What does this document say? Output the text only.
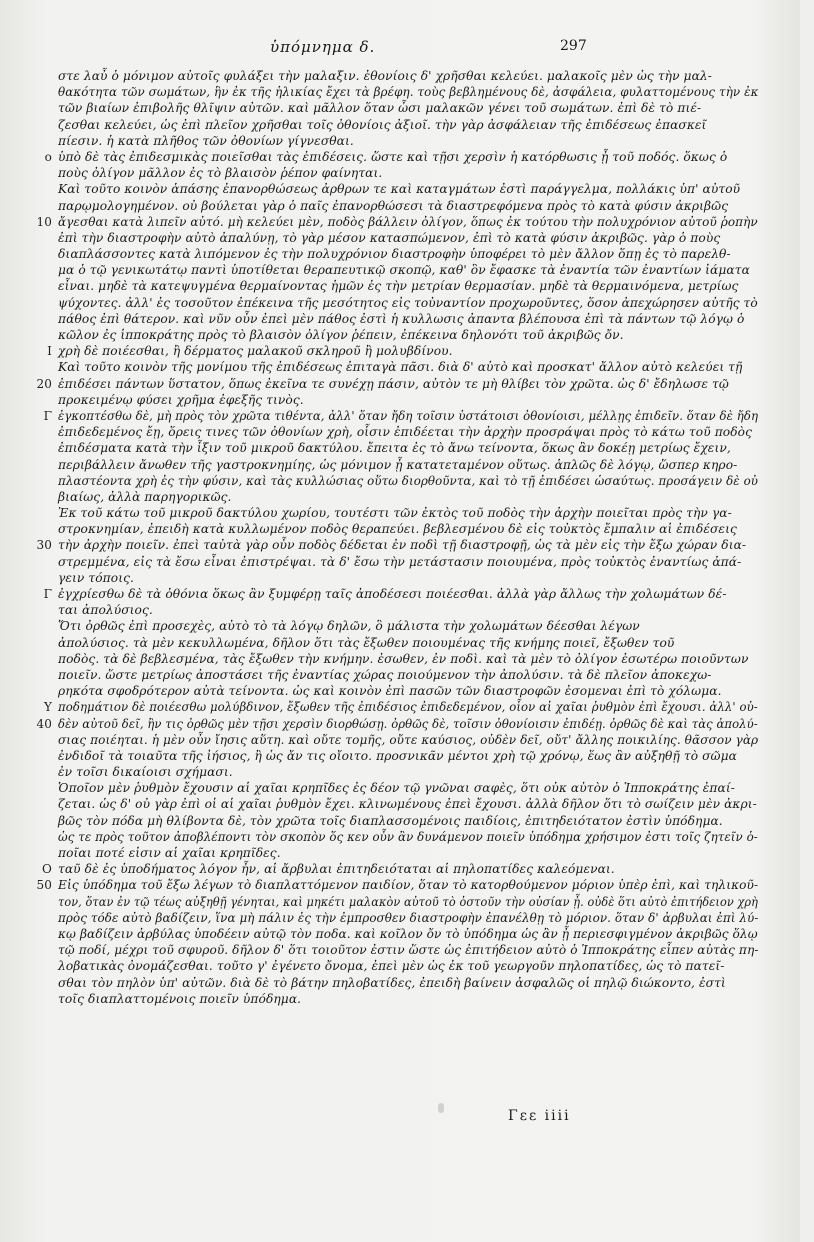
ὑπόμνημα δ.	297
στε λαὖ ὁ μόνιμον αὐτοῖς φυλάξει τὴν μαλαξιν. ἐθονίοις δ' χρῆσθαι κελεύει. μαλακοῖς μὲν ὡς τὴν μαλ-
θακότητα τῶν σωμάτων, ἣν ἐκ τῆς ἡλικίας ἔχει τὰ βρέφη. τοὺς βεβλημένους δὲ, ἀσφάλεια, φυλαττομένους τὴν ἐκ
τῶν βιαίων ἐπιβολῆς θλῖψιν αὐτῶν. καὶ μᾶλλον ὅταν ὦσι μαλακῶν γένει τοῦ σωμάτων. ἐπὶ δὲ τὸ πιέ-
ζεσθαι κελεύει, ὡς ἐπὶ πλεῖον χρῆσθαι τοῖς ὀθονίοις ἀξιοῖ. τὴν γὰρ ἀσφάλειαν τῆς ἐπιδέσεως ἐπασκεῖ
πίεσιν. ἡ κατὰ πλῆθος τῶν ὀθονίων γίγνεσθαι.
ο ὑπὸ δὲ τὰς ἐπιδεσμικὰς ποιεῖσθαι τὰς ἐπιδέσεις. ὥστε καὶ τῇσι χερσὶν ἡ κατόρθωσις ᾖ τοῦ ποδός. ὅκως ὁ
ποὺς ὀλίγον μᾶλλον ἐς τὸ βλαισὸν ῥέπον φαίνηται.
Καὶ τοῦτο κοινὸν ἁπάσης ἐπανορθώσεως ἀρθρων τε καὶ καταγμάτων ἐστὶ παράγγελμα, πολλάκις ὑπ' αὐτοῦ
παρῳμολογημένον. οὐ βούλεται γὰρ ὁ παῖς ἐπανορθώσεσι τὰ διαστρεφόμενα πρὸς τὸ κατὰ φύσιν ἀκριβῶς
10 ἄγεσθαι κατὰ λιπεῖν αὐτό. μὴ κελεύει μὲν, ποδὸς βάλλειν ὀλίγον, ὅπως ἐκ τούτου τὴν πολυχρόνιον αὐτοῦ ῥοπὴν
ἐπὶ τὴν διαστροφὴν αὐτὸ ἀπαλύνῃ, τὸ γὰρ μέσον κατασπώμενον, ἐπὶ τὸ κατὰ φύσιν ἀκριβῶς. γὰρ ὁ ποὺς
διαπλάσσοντες κατὰ λιπόμενον ἐς τὴν πολυχρόνιον διαστροφὴν ὑποφέρει τὸ μὲν ἄλλον ὅπῃ ἐς τὸ παρελθ-
μα ὁ τῷ γενικωτάτῳ παντὶ ὑποτίθεται θεραπευτικῷ σκοπῷ, καθ' ὃν ἔφασκε τὰ ἐναντία τῶν ἐναντίων ἰάματα
εἶναι. μηδὲ τὰ κατεψυγμένα θερμαίνοντας ἡμῶν ἐς τὴν μετρίαν θερμασίαν. μηδὲ τὰ θερμαινόμενα, μετρίως
ψύχοντες. ἀλλ' ἐς τοσοῦτον ἐπέκεινα τῆς μεσότητος εἰς τοὐναντίον προχωροῦντες, ὅσον ἀπεχώρησεν αὐτῆς τὸ
πάθος ἐπὶ θάτερον. καὶ νῦν οὖν ἐπεὶ μὲν πάθος ἐστὶ ἡ κυλλωσις ἀπαντα βλέπουσα ἐπὶ τὰ πάντων τῷ λόγῳ ὁ
κῶλον ἐς ἱπποκράτης πρὸς τὸ βλαισὸν ὀλίγον ῥέπειν, ἐπέκεινα δηλονότι τοῦ ἀκριβῶς ὄν.
Ι χρὴ δὲ ποιέεσθαι, ἢ δέρματος μαλακοῦ σκληροῦ ἢ μολυβδίνου.
Καὶ τοῦτο κοινὸν τῆς μονίμου τῆς ἐπιδέσεως ἐπιταγὰ πᾶσι. διὰ δ' αὐτὸ καὶ προσκατ' ἄλλον αὐτὸ κελεύει τῇ
20 ἐπιδέσει πάντων ὕστατον, ὅπως ἐκεῖνα τε συνέχῃ πάσιν, αὐτὸν τε μὴ θλίβει τὸν χρῶτα. ὡς δ' ἔδηλωσε τῷ
προκειμένῳ φύσει χρῆμα ἐφεξῆς τινὸς.
Γ ἐγκοπτέσθω δὲ, μὴ πρὸς τὸν χρῶτα τιθέντα, ἀλλ' ὅταν ἤδη τοῖσιν ὑστάτοισι ὀθονίοισι, μέλλῃς ἐπιδεῖν. ὅταν δὲ ἤδη
ἐπιδεδεμένος ἔῃ, ὅρεις τινες τῶν ὀθονίων χρὴ, οἷσιν ἐπιδέεται τὴν ἀρχὴν προσράψαι πρὸς τὸ κάτω τοῦ ποδὸς
ἐπιδέσματα κατὰ τὴν ἶξιν τοῦ μικροῦ δακτύλου. ἔπειτα ἐς τὸ ἄνω τείνοντα, ὅκως ἂν δοκέῃ μετρίως ἔχειν,
περιβάλλειν ἄνωθεν τῆς γαστροκνημίης, ὡς μόνιμον ᾖ κατατεταμένον οὕτως. ἁπλῶς δὲ λόγῳ, ὥσπερ κηρο-
πλαστέοντα χρὴ ἐς τὴν φύσιν, καὶ τὰς κυλλώσιας οὕτω διορθοῦντα, καὶ τὸ τῇ ἐπιδέσει ὡσαύτως. προσάγειν δὲ οὐ
βιαίως, ἀλλὰ παρηγορικῶς.
Ἐκ τοῦ κάτω τοῦ μικροῦ δακτύλου χωρίου, τουτέστι τῶν ἐκτὸς τοῦ ποδὸς τὴν ἀρχὴν ποιεῖται πρὸς τὴν γα-
στροκνημίαν, ἐπειδὴ κατὰ κυλλωμένον ποδὸς θεραπεύει. βεβλεσμένου δὲ εἰς τοὐκτὸς ἔμπαλιν αἱ ἐπιδέσεις
30 τὴν ἀρχὴν ποιεῖν. ἐπεὶ ταὐτὰ γὰρ οὖν ποδὸς δέδεται ἐν ποδὶ τῇ διαστροφῇ, ὡς τὰ μὲν εἰς τὴν ἔξω χώραν δια-
στρεμμένα, εἰς τὰ ἔσω εἶναι ἐπιστρέψαι. τὰ δ' ἔσω τὴν μετάστασιν ποιουμένα, πρὸς τοὐκτὸς ἐναντίως ἀπά-
γειν τόποις.
Γ ἐγχρίεσθω δὲ τὰ ὀθόνια ὅκως ἂν ξυμφέρῃ ταῖς ἀποδέσεσι ποιέεσθαι. ἀλλὰ γὰρ ἄλλως τὴν χολωμάτων δέ-
ται ἀπολύσιος.
Ὅτι ὀρθῶς ἐπὶ προσεχὲς, αὐτὸ τὸ τὰ λόγῳ δηλῶν, ὃ μάλιστα τὴν χολωμάτων δέεσθαι λέγων
ἀπολύσιος. τὰ μὲν κεκυλλωμένα, δῆλον ὅτι τὰς ἔξωθεν ποιουμένας τῆς κνήμης ποιεῖ, ἔξωθεν τοῦ
ποδὸς. τὰ δὲ βεβλεσμένα, τὰς ἔξωθεν τὴν κνήμην. ἐσωθεν, ἐν ποδὶ. καὶ τὰ μὲν τὸ ὀλίγον ἐσωτέρω ποιοῦντων
ποιεῖν. ὥστε μετρίως ἀποστάσει τῆς ἐναντίας χώρας ποιούμενον τὴν ἀπολύσιν. τὰ δὲ πλεῖον ἀποκεχω-
ρηκότα σφοδρότερον αὐτὰ τείνοντα. ὡς καὶ κοινὸν ἐπὶ πασῶν τῶν διαστροφῶν ἐσομεναι ἐπὶ τὸ χόλωμα.
Υ ποδημάτιον δὲ ποιέεσθω μολύβδινον, ἔξωθεν τῆς ἐπιδέσιος ἐπιδεδεμένον, οἷον αἱ χαῖαι ῥυθμὸν ἐπὶ ἔχουσι. ἀλλ' οὐ-
40 δὲν αὐτοῦ δεῖ, ἢν τις ὀρθῶς μὲν τῇσι χερσὶν διορθώσῃ. ὀρθῶς δὲ, τοῖσιν ὀθονίοισιν ἐπιδέῃ. ὀρθῶς δὲ καὶ τὰς ἀπολύ-
σιας ποιέηται. ἡ μὲν οὖν ἴησις αὕτη. καὶ οὔτε τομῆς, οὔτε καύσιος, οὐδὲν δεῖ, οὔτ' ἄλλης ποικιλίης. θᾶσσον γὰρ
ἐνδιδοῖ τὰ τοιαῦτα τῆς ἰήσιος, ἢ ὡς ἄν τις οἴοιτο. προσνικᾶν μέντοι χρὴ τῷ χρόνῳ, ἕως ἂν αὐξηθῇ τὸ σῶμα
ἐν τοῖσι δικαίοισι σχήμασι.
Ὁποῖον μὲν ῥυθμὸν ἔχουσιν αἱ χαῖαι κρηπῖδες ἐς δέον τῷ γνῶναι σαφὲς, ὅτι οὐκ αὐτὸν ὁ Ἱπποκράτης ἐπαί-
ζεται. ὡς δ' οὐ γὰρ ἐπὶ οἱ αἱ χαῖαι ῥυθμὸν ἔχει. κλινωμένους ἐπεὶ ἔχουσι. ἀλλὰ δῆλον ὅτι τὸ σωίζειν μὲν ἀκρι-
βῶς τὸν πόδα μὴ θλίβοντα δὲ, τὸν χρῶτα τοῖς διαπλασσομένοις παιδίοις, ἐπιτηδειότατον ἐστὶν ὑπόδημα.
ὡς τε πρὸς τοῦτον ἀποβλέποντι τὸν σκοπὸν ὅς κεν οὖν ἂν δυνάμενον ποιεῖν ὑπόδημα χρήσιμον ἐστι τοῖς ζητεῖν ὁ-
ποῖαι ποτέ εἰσιν αἱ χαῖαι κρηπῖδες.
Ο ταῦ δὲ ἐς ὑποδήματος λόγον ἦν, αἱ ἄρβυλαι ἐπιτηδειόταται αἱ πηλοπατίδες καλεόμεναι.
50 Εἰς ὑπόδημα τοῦ ἔξω λέγων τὸ διαπλαττόμενον παιδίον, ὅταν τὸ κατορθούμενον μόριον ὑπὲρ ἐπὶ, καὶ τηλικοῦ-
τον, ὅταν ἐν τῷ τέως αὐξηθῇ γένηται, καὶ μηκέτι μαλακὸν αὐτοῦ τὸ ὀστοῦν τὴν οὐσίαν ᾖ. οὐδὲ ὅτι αὐτὸ ἐπιτήδειον χρὴ
πρὸς τόδε αὐτὸ βαδίζειν, ἵνα μὴ πάλιν ἐς τὴν ἐμπροσθεν διαστροφὴν ἐπανέλθῃ τὸ μόριον. ὅταν δ' ἀρβυλαι ἐπὶ λύ-
κῳ βαδίζειν ἀρβύλας ὑποδέειν αὐτῷ τὸν ποδα. καὶ κοῖλον ὄν τὸ ὑπόδημα ὡς ἂν ᾖ περιεσφιγμένον ἀκριβῶς ὅλῳ
τῷ ποδί, μέχρι τοῦ σφυροῦ. δῆλον δ' ὅτι τοιοῦτον ἐστιν ὥστε ὡς ἐπιτήδειον αὐτὸ ὁ Ἱπποκράτης εἶπεν αὐτὰς πη-
λοβατικὰς ὀνομάζεσθαι. τοῦτο γ' ἐγένετο ὄνομα, ἐπεὶ μὲν ὡς ἐκ τοῦ γεωργοῦν πηλοπατίδες, ὡς τὸ πατεῖ-
σθαι τὸν πηλὸν ὑπ' αὐτῶν. διὰ δὲ τὸ βάτην πηλοβατίδες, ἐπειδὴ βαίνειν ἀσφαλῶς οἱ πηλῷ διώκοντο, ἐστὶ
τοῖς διαπλαττομένοις ποιεῖν ὑπόδημα.
Γεε iiii
